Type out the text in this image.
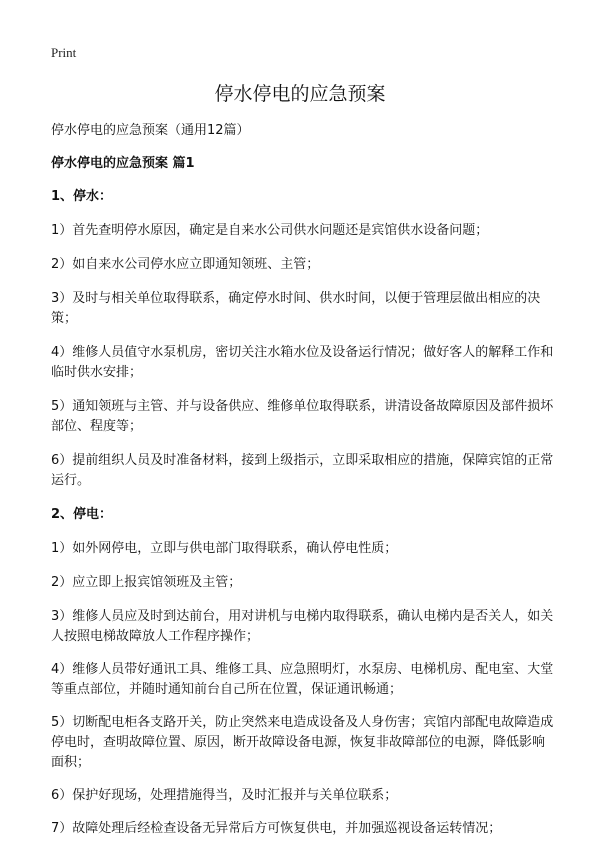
Print
停水停电的应急预案

停水停电的应急预案（通用12篇）

停水停电的应急预案 篇1

1、停水：

1）首先查明停水原因，确定是自来水公司供水问题还是宾馆供水设备问题；

2）如自来水公司停水应立即通知领班、主管；

3）及时与相关单位取得联系，确定停水时间、供水时间，以便于管理层做出相应的决策；

4）维修人员值守水泵机房，密切关注水箱水位及设备运行情况；做好客人的解释工作和临时供水安排；

5）通知领班与主管、并与设备供应、维修单位取得联系，讲清设备故障原因及部件损坏部位、程度等；

6）提前组织人员及时准备材料，接到上级指示，立即采取相应的措施，保障宾馆的正常运行。

2、停电：

1）如外网停电，立即与供电部门取得联系，确认停电性质；

2）应立即上报宾馆领班及主管；

3）维修人员应及时到达前台，用对讲机与电梯内取得联系，确认电梯内是否关人，如关人按照电梯故障放人工作程序操作；

4）维修人员带好通讯工具、维修工具、应急照明灯，水泵房、电梯机房、配电室、大堂等重点部位，并随时通知前台自己所在位置，保证通讯畅通；

5）切断配电柜各支路开关，防止突然来电造成设备及人身伤害；宾馆内部配电故障造成停电时，查明故障位置、原因，断开故障设备电源，恢复非故障部位的电源，降低影响面积；

6）保护好现场，处理措施得当，及时汇报并与关单位联系；

7）故障处理后经检查设备无异常后方可恢复供电，并加强巡视设备运转情况；
